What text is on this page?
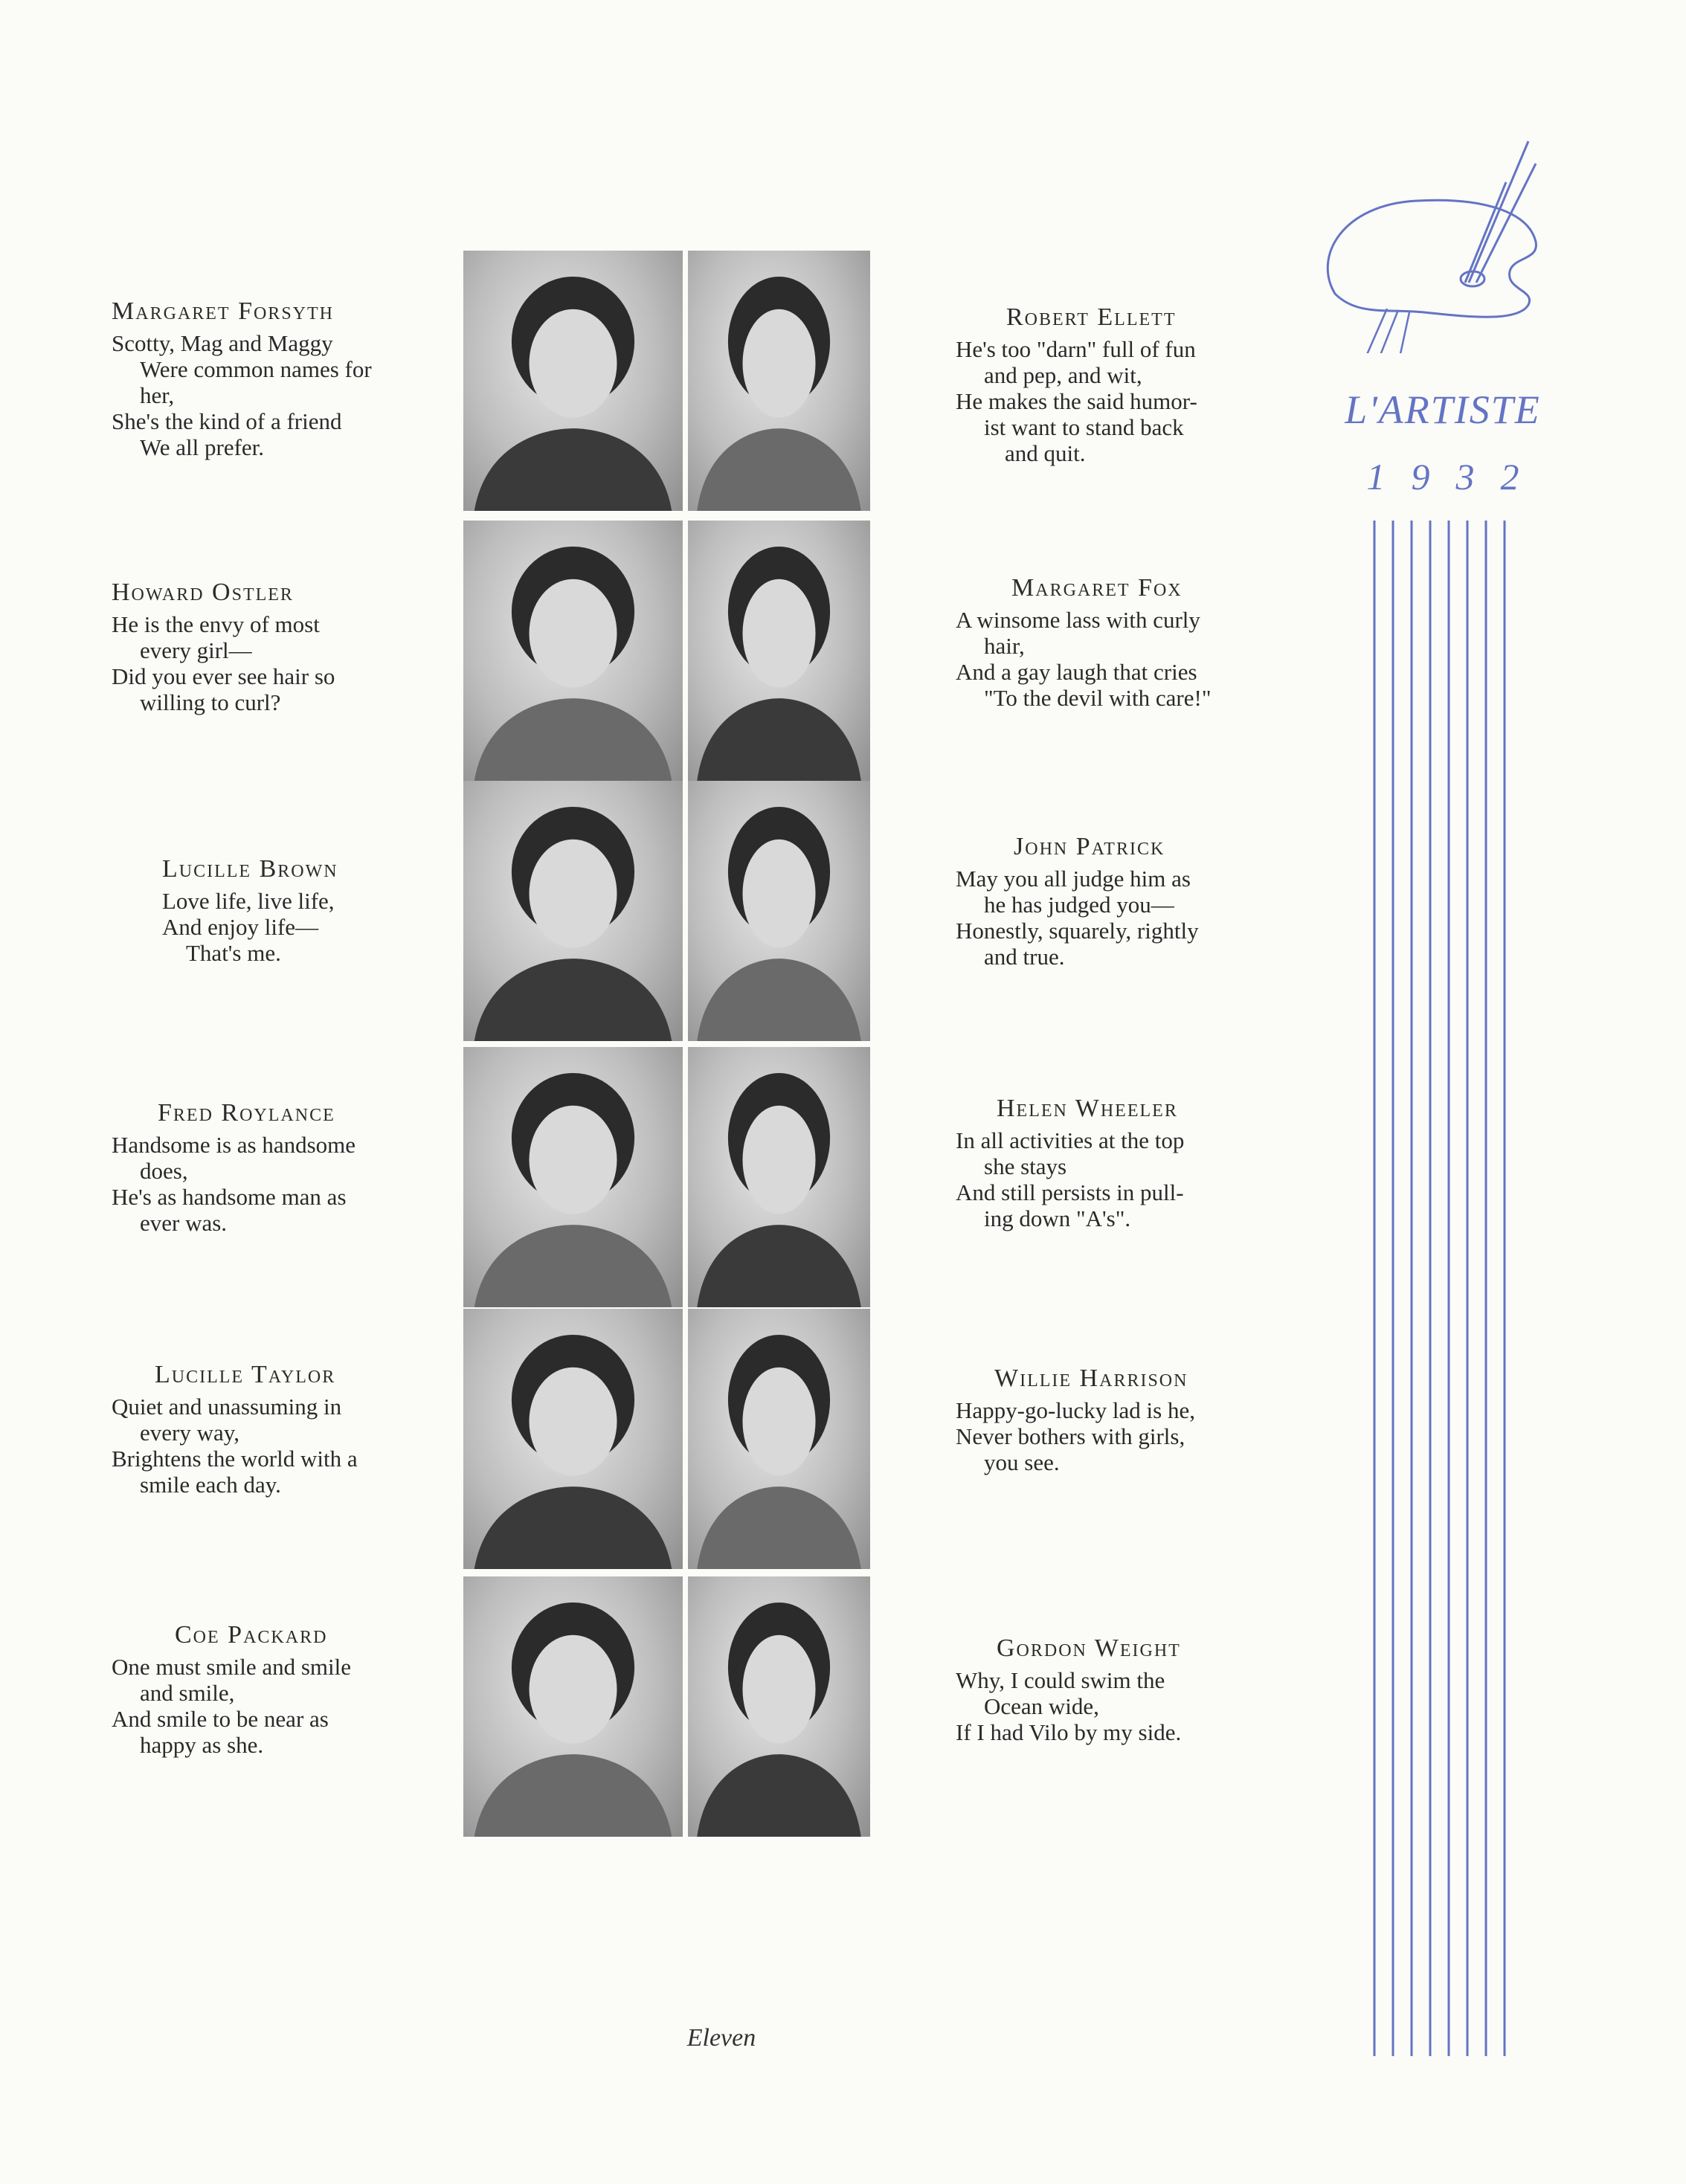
Margaret Forsyth

Scotty, Mag and Maggy

Were common names for

her,

She's the kind of a friend

We all prefer.

Howard Ostler

He is the envy of most

every girl—

Did you ever see hair so

willing to curl?

Lucille Brown

Love life, live life,

And enjoy life—

That's me.

Fred Roylance

Handsome is as handsome

does,

He's as handsome man as

ever was.

Lucille Taylor

Quiet and unassuming in

every way,

Brightens the world with a

smile each day.

Coe Packard

One must smile and smile

and smile,

And smile to be near as

happy as she.

Robert Ellett

He's too "darn" full of fun

and pep, and wit,

He makes the said humor-

ist want to stand back

and quit.

Margaret Fox

A winsome lass with curly

hair,

And a gay laugh that cries

"To the devil with care!"

John Patrick

May you all judge him as

he has judged you—

Honestly, squarely, rightly

and true.

Helen Wheeler

In all activities at the top

she stays

And still persists in pull-

ing down "A's".

Willie Harrison

Happy-go-lucky lad is he,

Never bothers with girls,

you see.

Gordon Weight

Why, I could swim the

Ocean wide,

If I had Vilo by my side.

Eleven
L'ARTISTE
1 9 3 2
